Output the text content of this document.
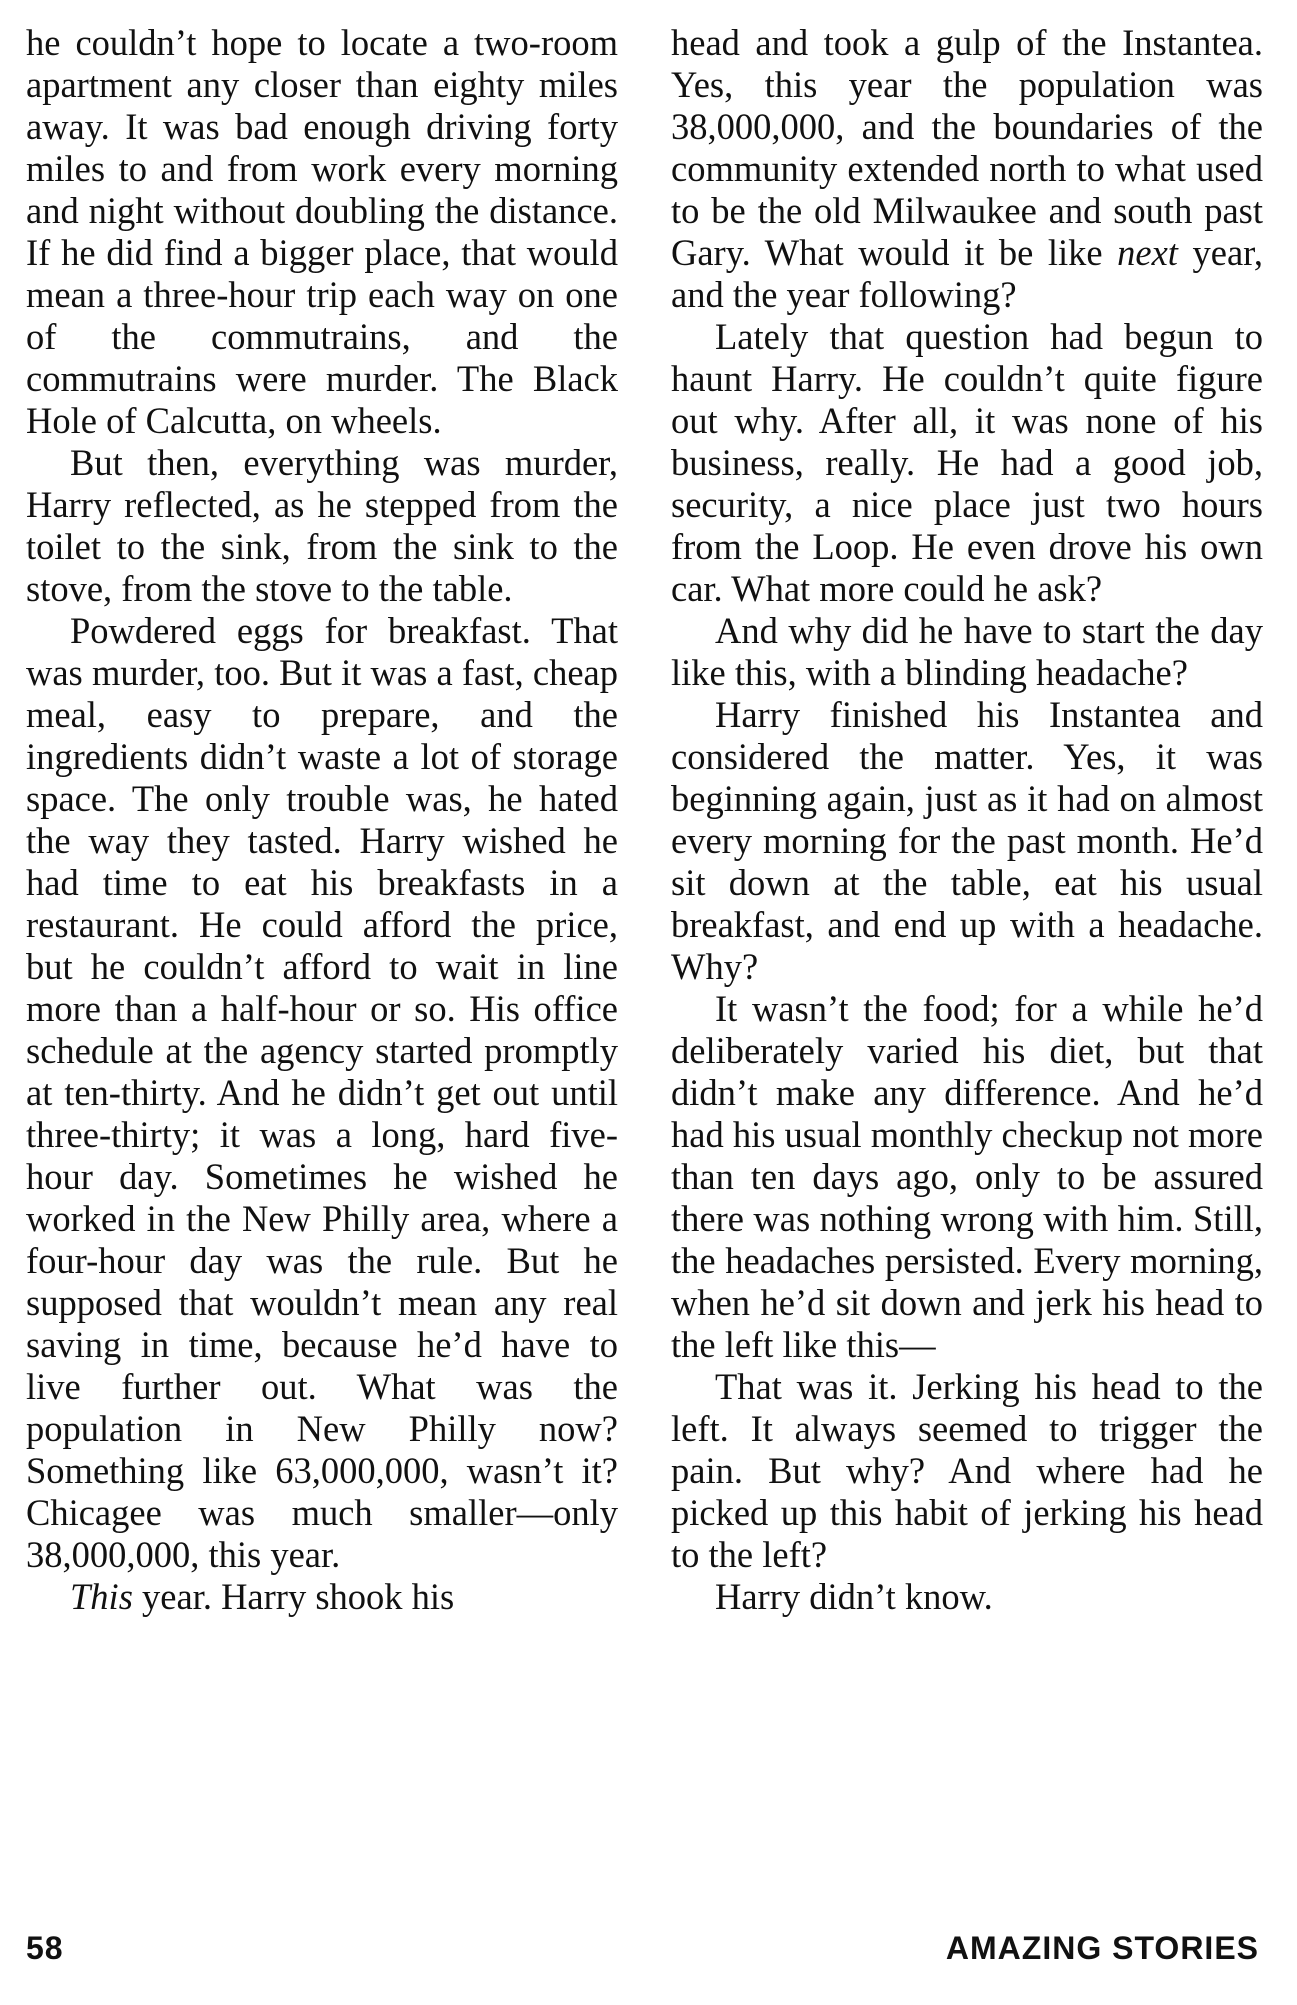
he couldn’t hope to locate a two-room apartment any closer than eighty miles away. It was bad enough driving forty miles to and from work every morning and night without doubling the distance. If he did find a bigger place, that would mean a three-hour trip each way on one of the commutrains, and the commutrains were murder. The Black Hole of Calcutta, on wheels.

But then, everything was murder, Harry reflected, as he stepped from the toilet to the sink, from the sink to the stove, from the stove to the table.

Powdered eggs for breakfast. That was murder, too. But it was a fast, cheap meal, easy to prepare, and the ingredients didn’t waste a lot of storage space. The only trouble was, he hated the way they tasted. Harry wished he had time to eat his breakfasts in a restaurant. He could afford the price, but he couldn’t afford to wait in line more than a half-hour or so. His office schedule at the agency started promptly at ten-thirty. And he didn’t get out until three-thirty; it was a long, hard five-hour day. Sometimes he wished he worked in the New Philly area, where a four-hour day was the rule. But he supposed that wouldn’t mean any real saving in time, because he’d have to live further out. What was the population in New Philly now? Something like 63,000,000, wasn’t it? Chicagee was much smaller—only 38,000,000, this year.

This year. Harry shook his

head and took a gulp of the Instantea. Yes, this year the population was 38,000,000, and the boundaries of the community extended north to what used to be the old Milwaukee and south past Gary. What would it be like next year, and the year following?

Lately that question had begun to haunt Harry. He couldn’t quite figure out why. After all, it was none of his business, really. He had a good job, security, a nice place just two hours from the Loop. He even drove his own car. What more could he ask?

And why did he have to start the day like this, with a blinding headache?

Harry finished his Instantea and considered the matter. Yes, it was beginning again, just as it had on almost every morning for the past month. He’d sit down at the table, eat his usual breakfast, and end up with a headache. Why?

It wasn’t the food; for a while he’d deliberately varied his diet, but that didn’t make any difference. And he’d had his usual monthly checkup not more than ten days ago, only to be assured there was nothing wrong with him. Still, the headaches persisted. Every morning, when he’d sit down and jerk his head to the left like this—

That was it. Jerking his head to the left. It always seemed to trigger the pain. But why? And where had he picked up this habit of jerking his head to the left?

Harry didn’t know.

58	AMAZING STORIES
